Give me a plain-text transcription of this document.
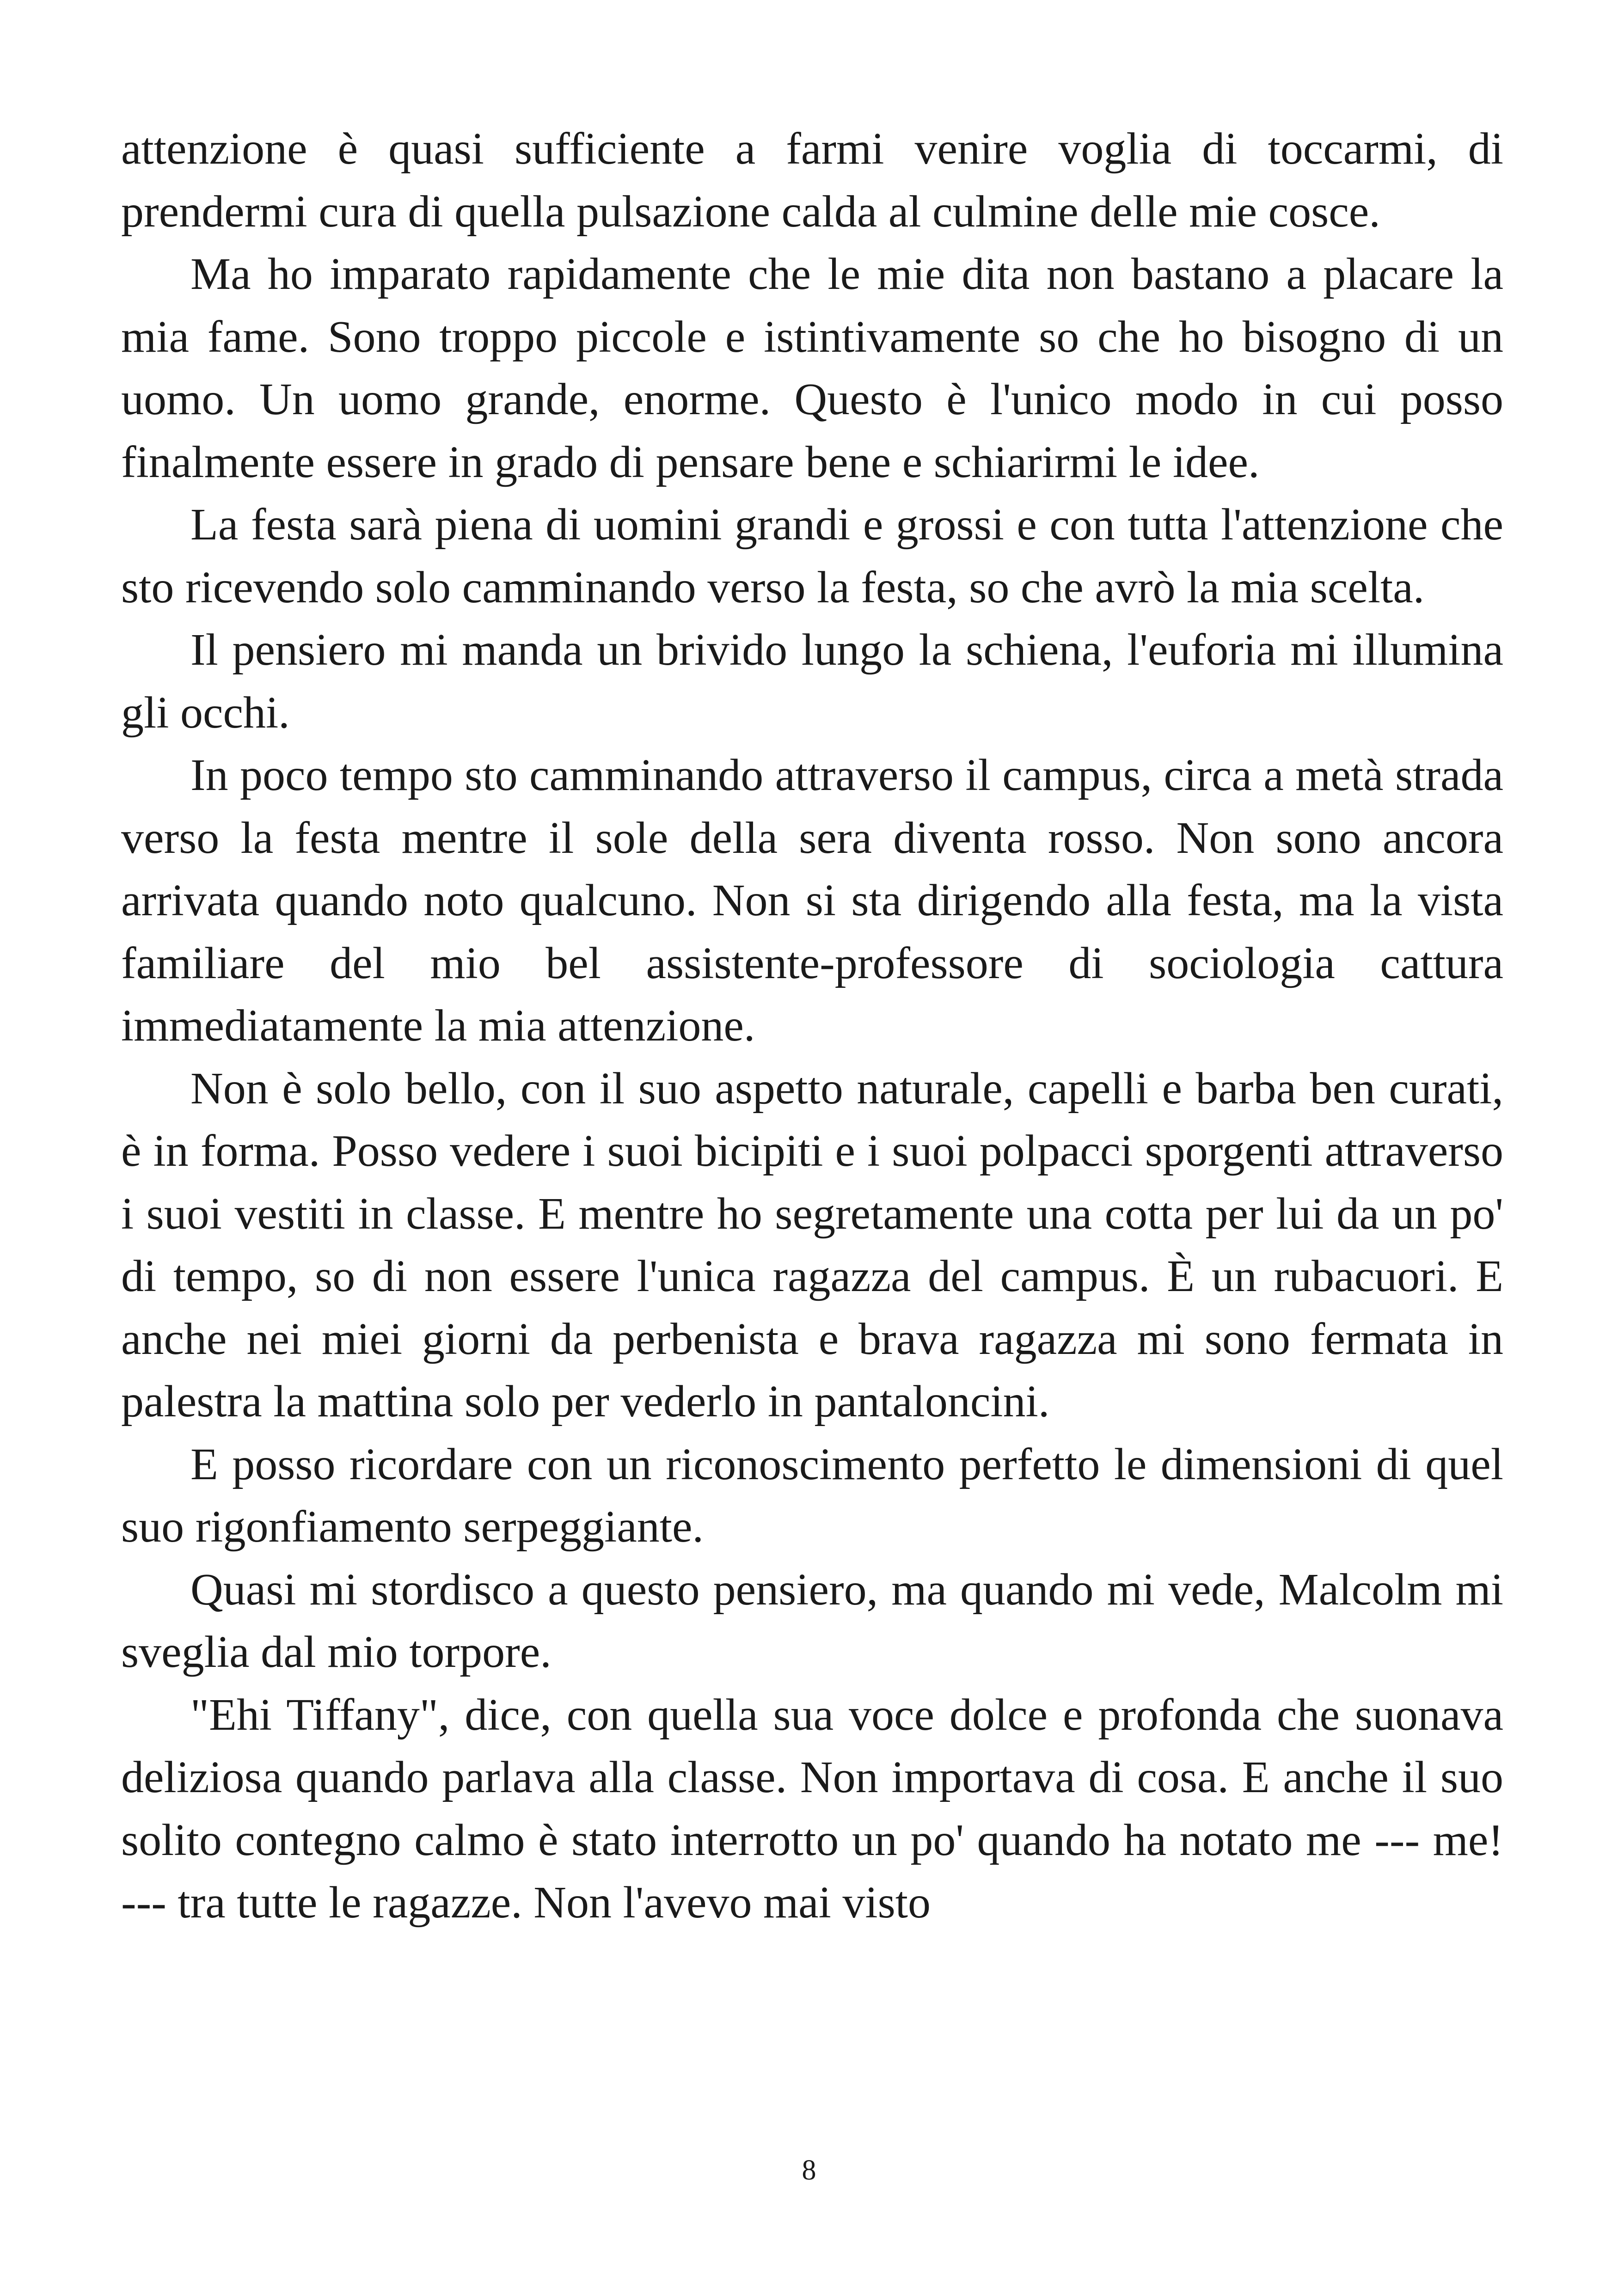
attenzione è quasi sufficiente a farmi venire voglia di toccarmi, di prendermi cura di quella pulsazione calda al culmine delle mie cosce.

Ma ho imparato rapidamente che le mie dita non bastano a placare la mia fame. Sono troppo piccole e istintivamente so che ho bisogno di un uomo. Un uomo grande, enorme. Questo è l'unico modo in cui posso finalmente essere in grado di pensare bene e schiarirmi le idee.

La festa sarà piena di uomini grandi e grossi e con tutta l'attenzione che sto ricevendo solo camminando verso la festa, so che avrò la mia scelta.

Il pensiero mi manda un brivido lungo la schiena, l'euforia mi illumina gli occhi.

In poco tempo sto camminando attraverso il campus, circa a metà strada verso la festa mentre il sole della sera diventa rosso. Non sono ancora arrivata quando noto qualcuno. Non si sta dirigendo alla festa, ma la vista familiare del mio bel assistente-professore di sociologia cattura immediatamente la mia attenzione.

Non è solo bello, con il suo aspetto naturale, capelli e barba ben curati, è in forma. Posso vedere i suoi bicipiti e i suoi polpacci sporgenti attraverso i suoi vestiti in classe. E mentre ho segretamente una cotta per lui da un po' di tempo, so di non essere l'unica ragazza del campus. È un rubacuori. E anche nei miei giorni da perbenista e brava ragazza mi sono fermata in palestra la mattina solo per vederlo in pantaloncini.

E posso ricordare con un riconoscimento perfetto le dimensioni di quel suo rigonfiamento serpeggiante.

Quasi mi stordisco a questo pensiero, ma quando mi vede, Malcolm mi sveglia dal mio torpore.

"Ehi Tiffany", dice, con quella sua voce dolce e profonda che suonava deliziosa quando parlava alla classe. Non importava di cosa. E anche il suo solito contegno calmo è stato interrotto un po' quando ha notato me --- me! --- tra tutte le ragazze. Non l'avevo mai visto

8
